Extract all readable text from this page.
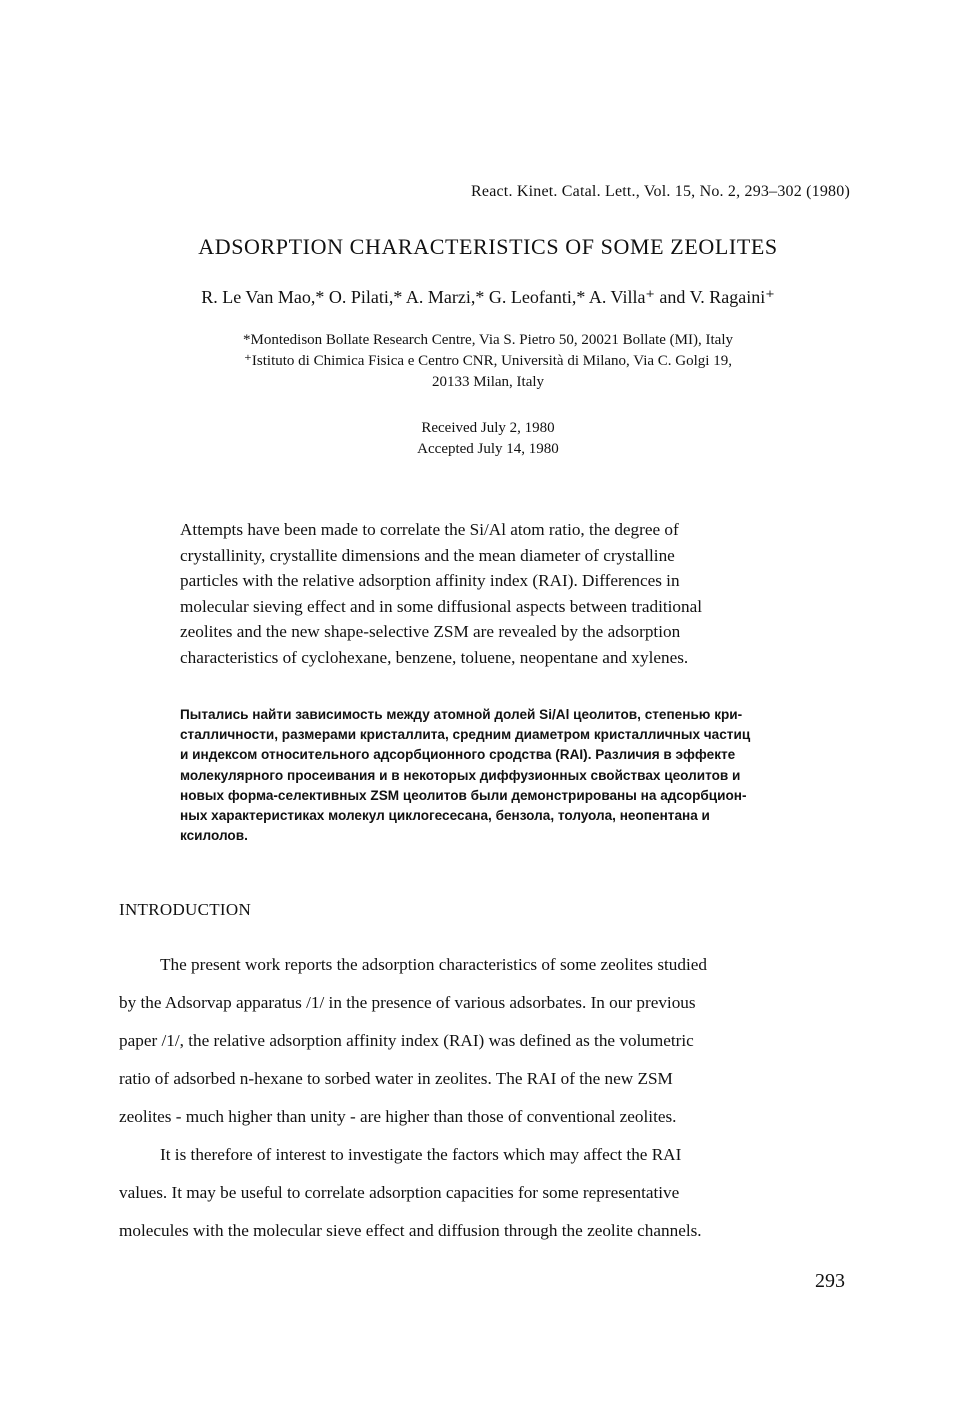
React. Kinet. Catal. Lett., Vol. 15, No. 2, 293–302 (1980)
ADSORPTION CHARACTERISTICS OF SOME ZEOLITES
R. Le Van Mao,* O. Pilati,* A. Marzi,* G. Leofanti,* A. Villa⁺ and V. Ragaini⁺
*Montedison Bollate Research Centre, Via S. Pietro 50, 20021 Bollate (MI), Italy
⁺Istituto di Chimica Fisica e Centro CNR, Università di Milano, Via C. Golgi 19,
20133 Milan, Italy
Received July 2, 1980
Accepted July 14, 1980
Attempts have been made to correlate the Si/Al atom ratio, the degree of
crystallinity, crystallite dimensions and the mean diameter of crystalline
particles with the relative adsorption affinity index (RAI). Differences in
molecular sieving effect and in some diffusional aspects between traditional
zeolites and the new shape-selective ZSM are revealed by the adsorption
characteristics of cyclohexane, benzene, toluene, neopentane and xylenes.
Пытались найти зависимость между атомной долей Si/Al цеолитов, степенью кри-
сталличности, размерами кристаллита, средним диаметром кристалличных частиц
и индексом относительного адсорбционного сродства (RAI). Различия в эффекте
молекулярного просеивания и в некоторых диффузионных свойствах цеолитов и
новых форма-селективных ZSM цеолитов были демонстрированы на адсорбцион-
ных характеристиках молекул циклогесесана, бензола, толуола, неопентана и
ксилолов.
INTRODUCTION
The present work reports the adsorption characteristics of some zeolites studied
by the Adsorvap apparatus /1/ in the presence of various adsorbates. In our previous
paper /1/, the relative adsorption affinity index (RAI) was defined as the volumetric
ratio of adsorbed n-hexane to sorbed water in zeolites. The RAI of the new ZSM
zeolites - much higher than unity - are higher than those of conventional zeolites.
It is therefore of interest to investigate the factors which may affect the RAI
values. It may be useful to correlate adsorption capacities for some representative
molecules with the molecular sieve effect and diffusion through the zeolite channels.
293
